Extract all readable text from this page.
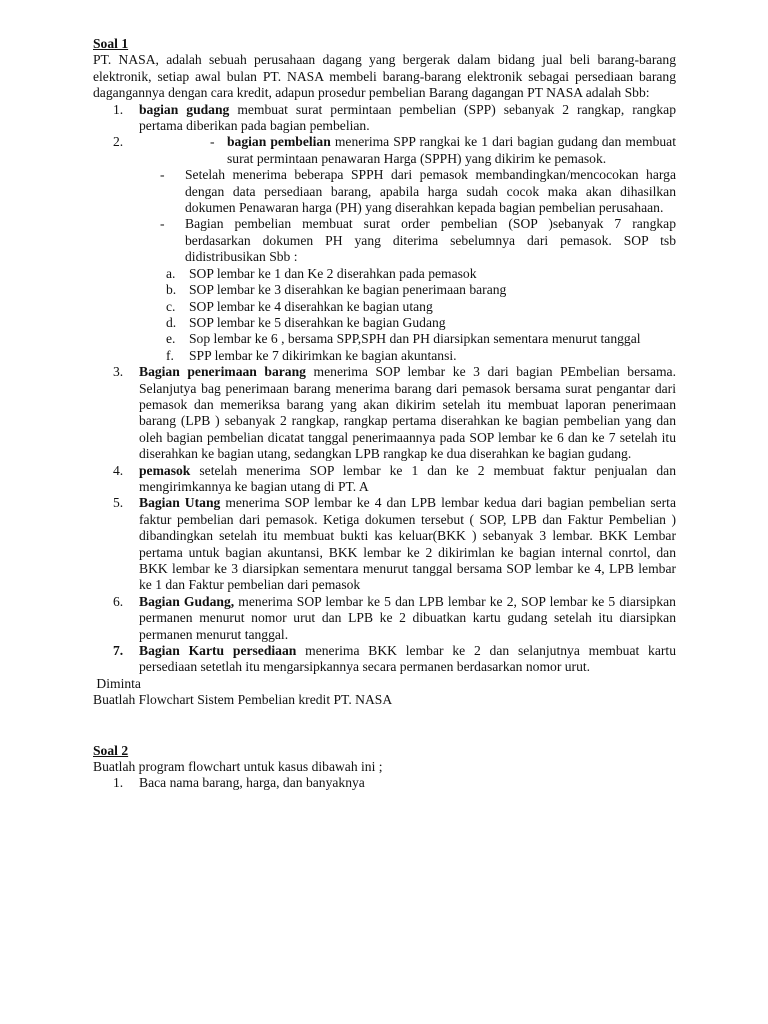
Soal 1

PT. NASA, adalah sebuah perusahaan dagang yang bergerak dalam bidang jual beli barang-barang elektronik, setiap awal bulan PT. NASA membeli barang-barang elektronik sebagai persediaan barang dagangannya dengan cara kredit, adapun prosedur pembelian Barang dagangan PT NASA adalah Sbb:

1. bagian gudang membuat surat permintaan pembelian (SPP) sebanyak 2 rangkap, rangkap pertama diberikan pada bagian pembelian.
2.	- bagian pembelian menerima SPP rangkai ke 1 dari bagian gudang dan membuat surat permintaan penawaran Harga (SPPH) yang dikirim ke pemasok.
- Setelah menerima beberapa SPPH dari pemasok membandingkan/mencocokan harga dengan data persediaan barang, apabila harga sudah cocok maka akan dihasilkan dokumen Penawaran harga (PH) yang diserahkan kepada bagian pembelian perusahaan.
- Bagian pembelian membuat surat order pembelian (SOP )sebanyak 7 rangkap berdasarkan dokumen PH yang diterima sebelumnya dari pemasok. SOP tsb didistribusikan Sbb :
a. SOP lembar ke 1 dan Ke 2 diserahkan pada pemasok
b. SOP lembar ke 3 diserahkan ke bagian penerimaan barang
c. SOP lembar ke 4 diserahkan ke bagian utang
d. SOP lembar ke 5 diserahkan ke bagian Gudang
e. Sop lembar ke 6 , bersama SPP,SPH dan PH diarsipkan sementara menurut tanggal
f. SPP lembar ke 7 dikirimkan ke bagian akuntansi.
3. Bagian penerimaan barang menerima SOP lembar ke 3 dari bagian PEmbelian bersama. Selanjutya bag penerimaan barang menerima barang dari pemasok bersama surat pengantar dari pemasok dan memeriksa barang yang akan dikirim setelah itu membuat laporan penerimaan barang (LPB ) sebanyak 2 rangkap, rangkap pertama diserahkan ke bagian pembelian yang dan oleh bagian pembelian dicatat tanggal penerimaannya pada SOP lembar ke 6 dan ke 7 setelah itu diserahkan ke bagian utang, sedangkan LPB rangkap ke dua diserahkan ke bagian gudang.
4. pemasok setelah menerima SOP lembar ke 1 dan ke 2 membuat faktur penjualan dan mengirimkannya ke bagian utang di PT. A
5. Bagian Utang menerima SOP lembar ke 4 dan LPB lembar kedua dari bagian pembelian serta faktur pembelian dari pemasok. Ketiga dokumen tersebut ( SOP, LPB dan Faktur Pembelian ) dibandingkan setelah itu membuat bukti kas keluar(BKK ) sebanyak 3 lembar. BKK Lembar pertama untuk bagian akuntansi, BKK lembar ke 2 dikirimlan ke bagian internal conrtol, dan BKK lembar ke 3 diarsipkan sementara menurut tanggal bersama SOP lembar ke 4, LPB lembar ke 1 dan Faktur pembelian dari pemasok
6. Bagian Gudang, menerima SOP lembar ke 5 dan LPB lembar ke 2, SOP lembar ke 5 diarsipkan permanen menurut nomor urut dan LPB ke 2 dibuatkan kartu gudang setelah itu diarsipkan permanen menurut tanggal.
7. Bagian Kartu persediaan menerima BKK lembar ke 2 dan selanjutnya membuat kartu persediaan setetlah itu mengarsipkannya secara permanen berdasarkan nomor urut.

Diminta

Buatlah Flowchart Sistem Pembelian kredit PT. NASA

Soal 2

Buatlah program flowchart untuk kasus dibawah ini ;

1. Baca nama barang, harga, dan banyaknya
